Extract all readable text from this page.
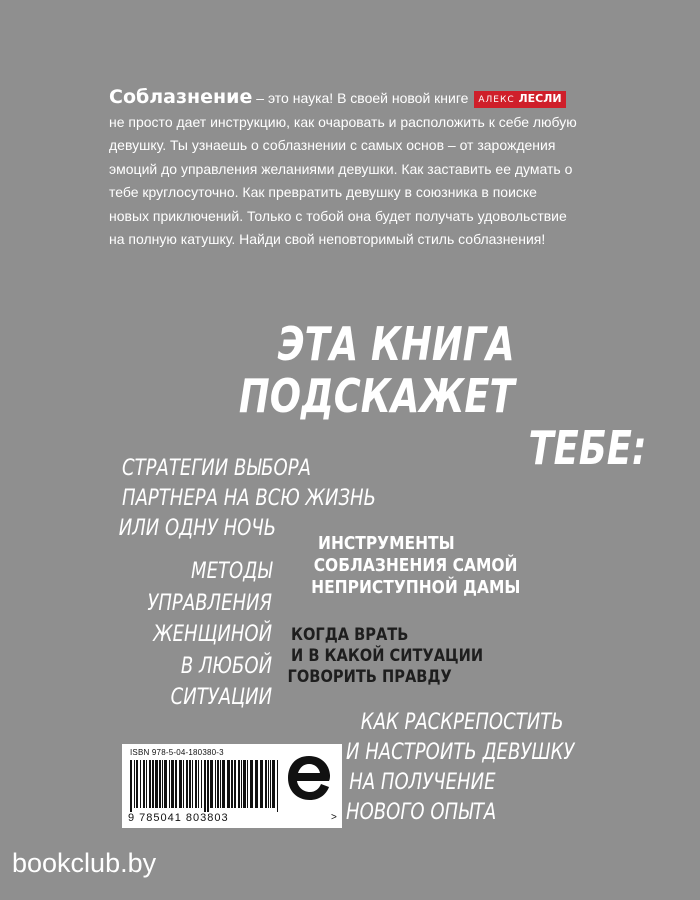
Соблазнение – это наука! В своей новой книге АЛЕКС ЛЕСЛИ не просто дает инструкцию, как очаровать и расположить к себе любую девушку. Ты узнаешь о соблазнении с самых основ – от зарождения эмоций до управления желаниями девушки. Как заставить ее думать о тебе круглосуточно. Как превратить девушку в союзника в поиске новых приключений. Только с тобой она будет получать удовольствие на полную катушку. Найди свой неповторимый стиль соблазнения!

ЭТА КНИГА
ПОДСКАЖЕТ

ТЕБЕ:
СТРАТЕГИИ ВЫБОРА
ПАРТНЕРА НА ВСЮ ЖИЗНЬ
ИЛИ ОДНУ НОЧЬ
ИНСТРУМЕНТЫ
СОБЛАЗНЕНИЯ САМОЙ
НЕПРИСТУПНОЙ ДАМЫ
МЕТОДЫ
УПРАВЛЕНИЯ
ЖЕНЩИНОЙ
В ЛЮБОЙ
СИТУАЦИИ
КОГДА ВРАТЬ
И В КАКОЙ СИТУАЦИИ
ГОВОРИТЬ ПРАВДУ
КАК РАСКРЕПОСТИТЬ
И НАСТРОИТЬ ДЕВУШКУ
НА ПОЛУЧЕНИЕ
НОВОГО ОПЫТА
ISBN 978-5-04-180380-3
9 785041 803803	>

bookclub.by
